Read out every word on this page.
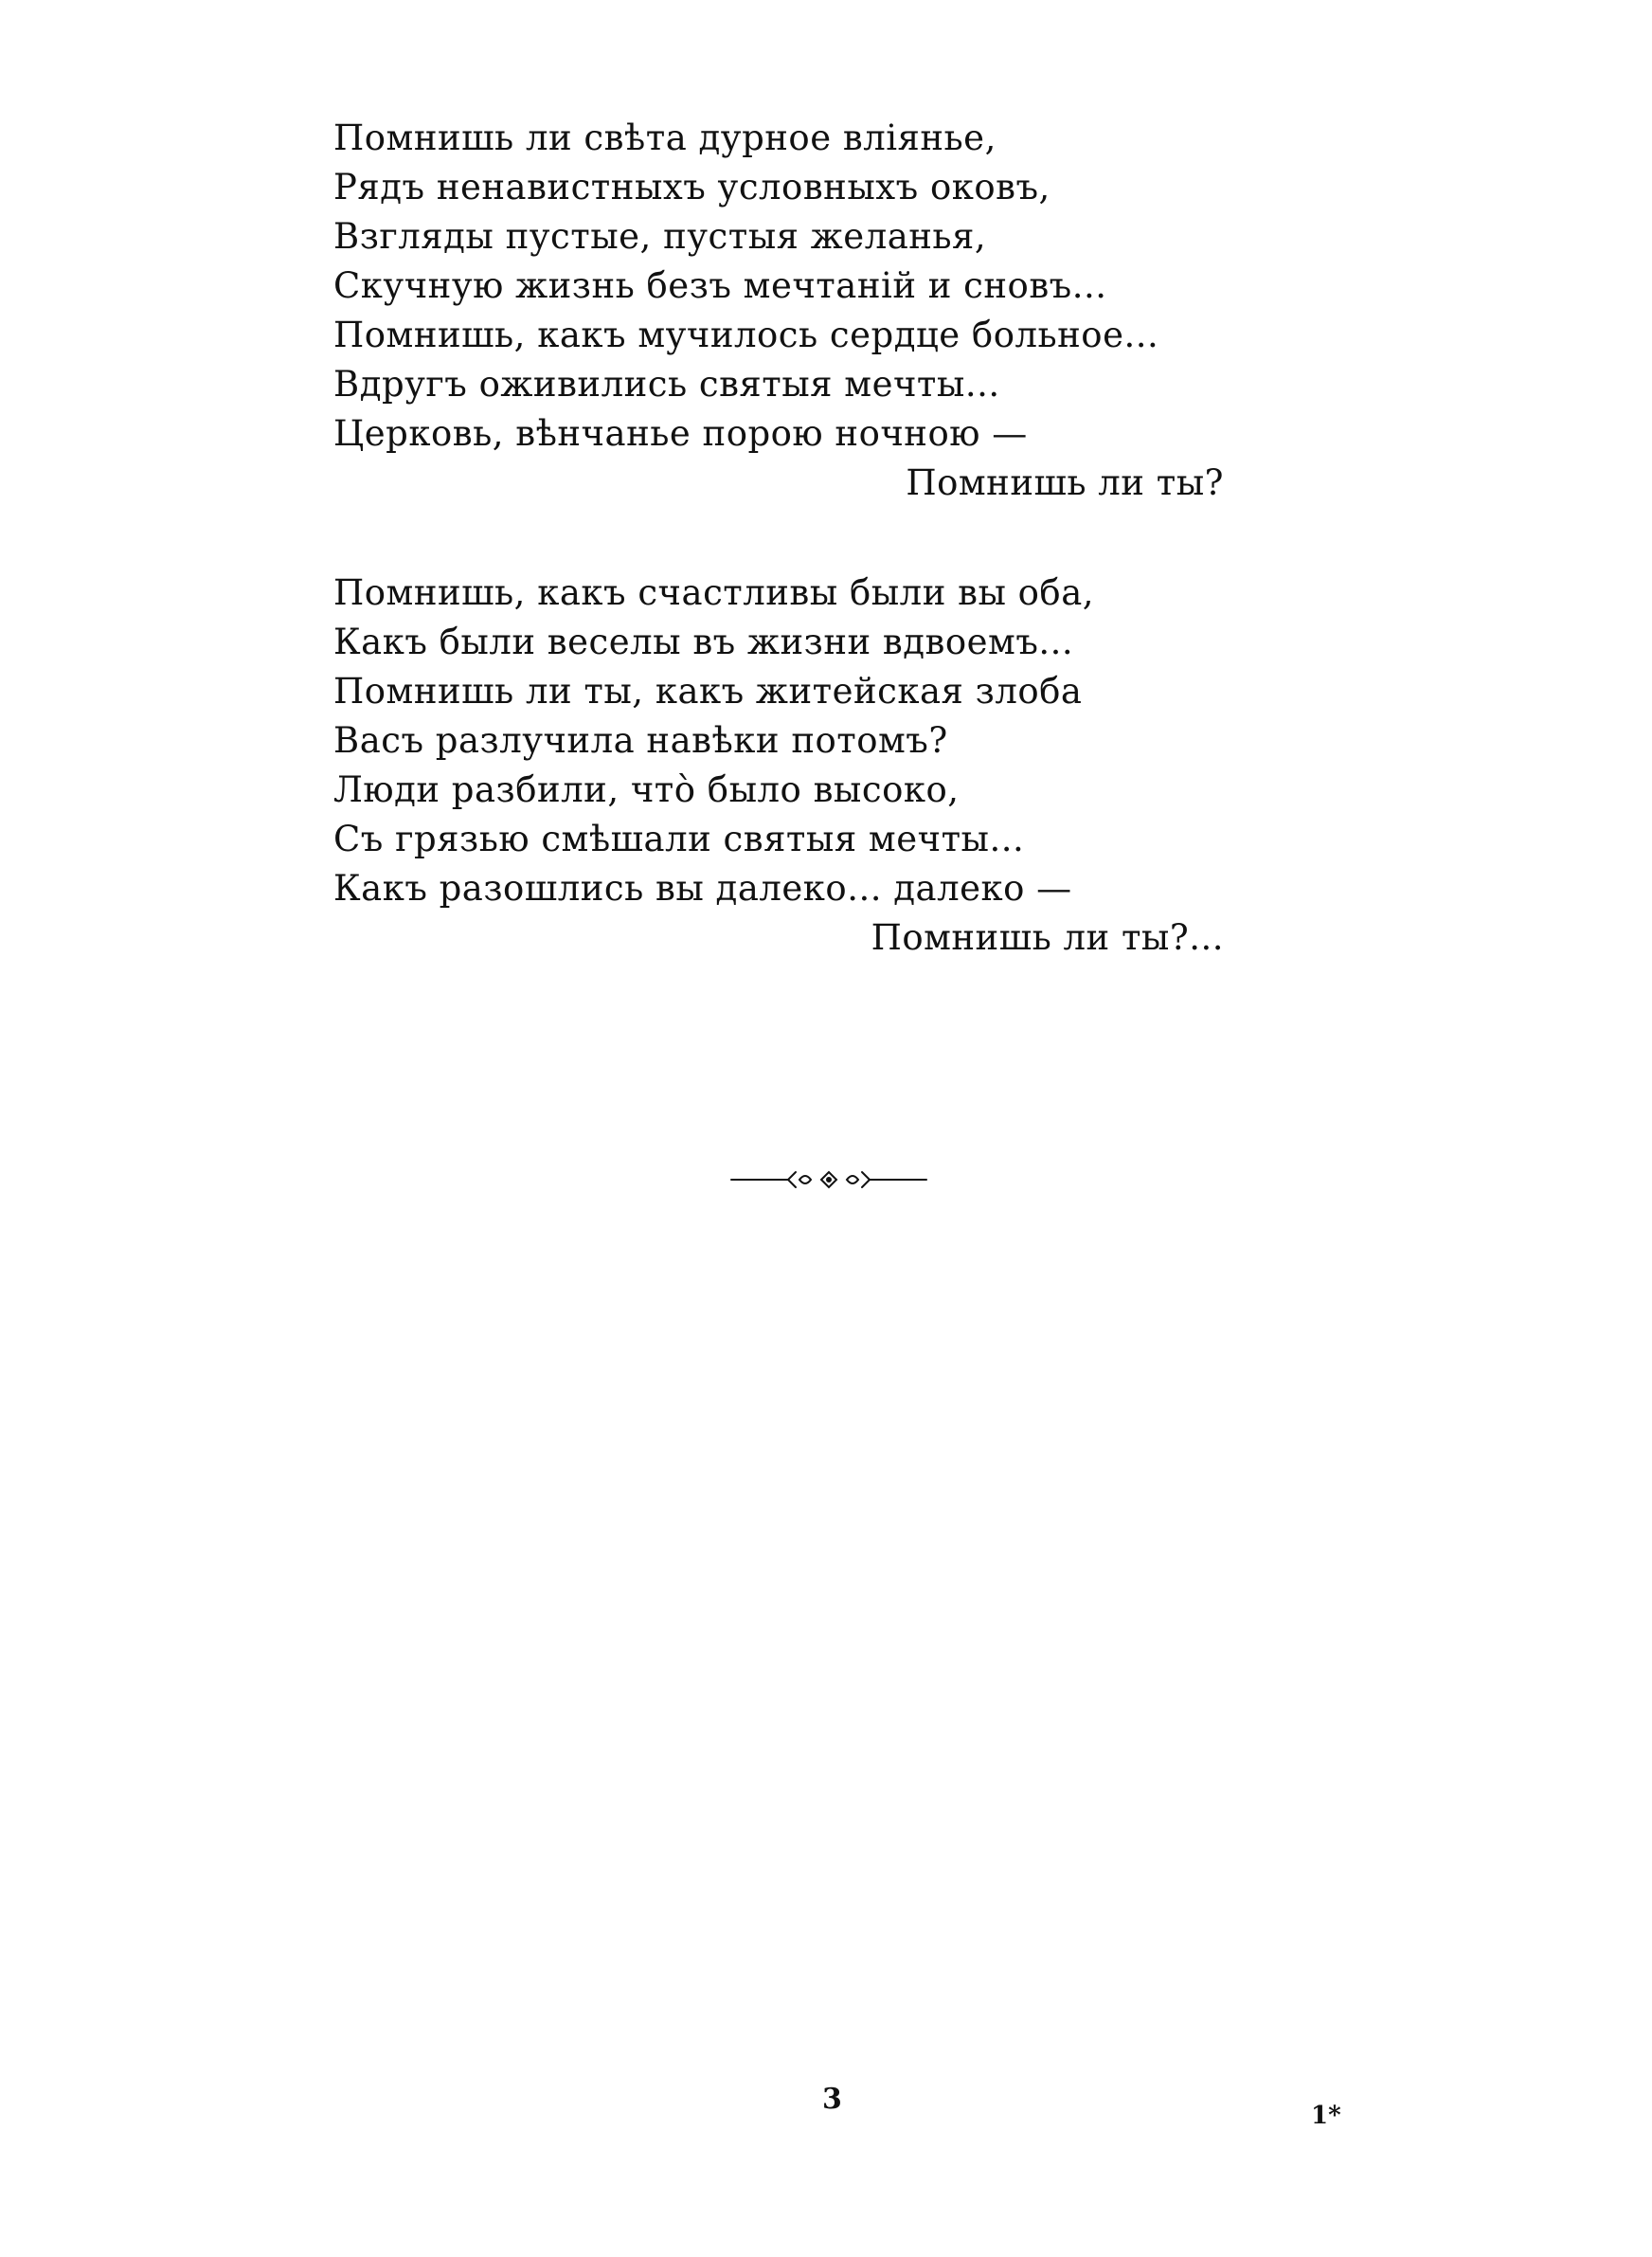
Помнишь ли свѣта дурное влiянье,
Рядъ ненавистныхъ условныхъ оковъ,
Взгляды пустые, пустыя желанья,
Скучную жизнь безъ мечтанiй и сновъ...
Помнишь, какъ мучилось сердце больное...
Вдругъ оживились святыя мечты...
Церковь, вѣнчанье порою ночною —
Помнишь ли ты?
Помнишь, какъ счастливы были вы оба,
Какъ были веселы въ жизни вдвоемъ...
Помнишь ли ты, какъ житейская злоба
Васъ разлучила навѣки потомъ?
Люди разбили, что̀ было высоко,
Съ грязью смѣшали святыя мечты...
Какъ разошлись вы далеко... далеко —
Помнишь ли ты?...
3	1*
